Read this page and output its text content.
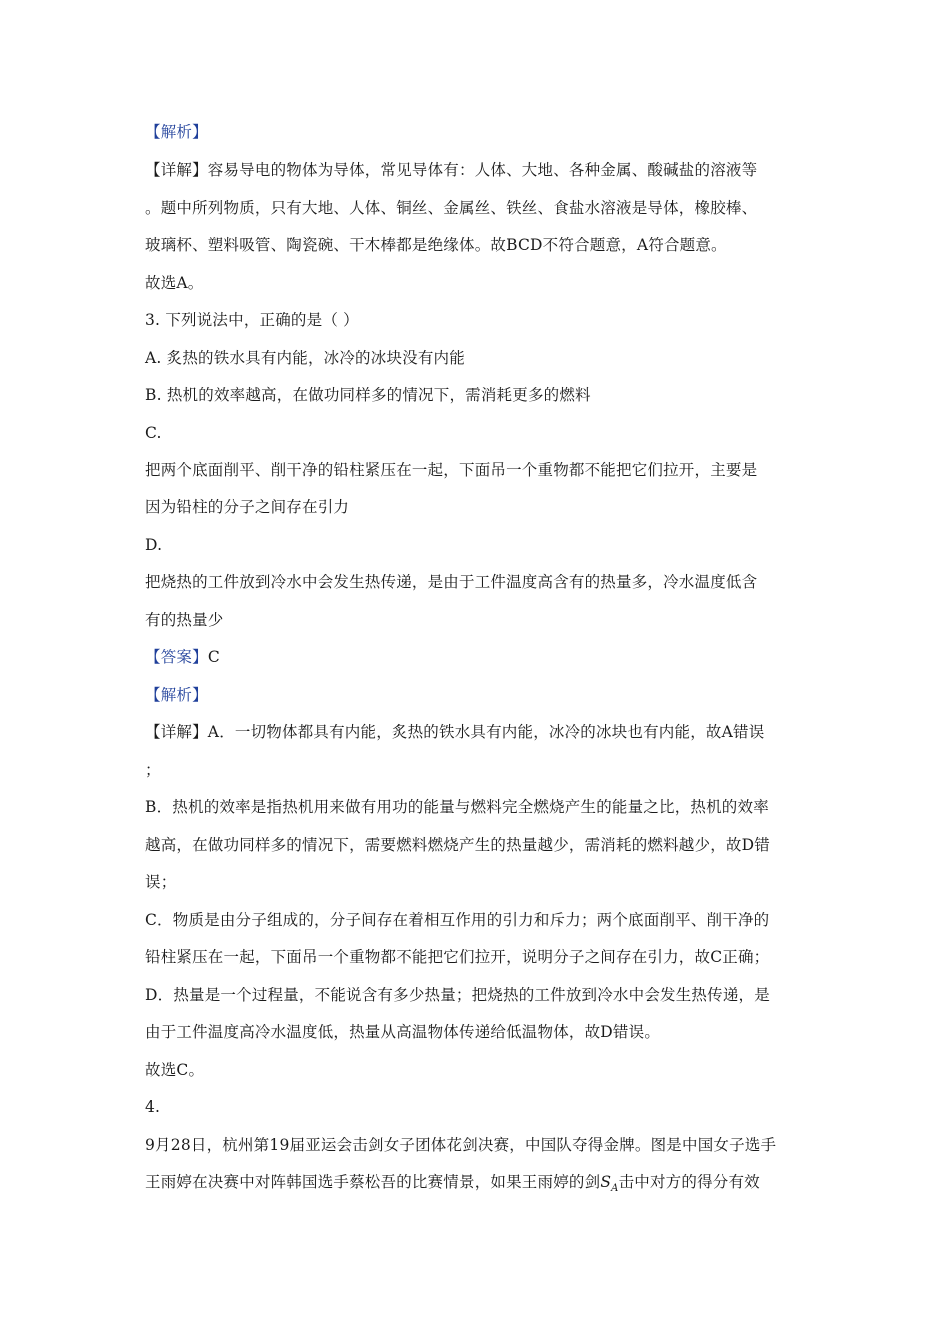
【解析】
【详解】容易导电的物体为导体，常见导体有：人体、大地、各种金属、酸碱盐的溶液等
。题中所列物质，只有大地、人体、铜丝、金属丝、铁丝、食盐水溶液是导体，橡胶棒、
玻璃杯、塑料吸管、陶瓷碗、干木棒都是绝缘体。故BCD不符合题意，A符合题意。
故选A。
3. 下列说法中，正确的是（ ）
A. 炙热的铁水具有内能，冰冷的冰块没有内能
B. 热机的效率越高，在做功同样多的情况下，需消耗更多的燃料
C.
把两个底面削平、削干净的铅柱紧压在一起，下面吊一个重物都不能把它们拉开，主要是
因为铅柱的分子之间存在引力
D.
把烧热的工件放到冷水中会发生热传递，是由于工件温度高含有的热量多，冷水温度低含
有的热量少
【答案】C
【解析】
【详解】A．一切物体都具有内能，炙热的铁水具有内能，冰冷的冰块也有内能，故A错误
；
B．热机的效率是指热机用来做有用功的能量与燃料完全燃烧产生的能量之比，热机的效率
越高，在做功同样多的情况下，需要燃料燃烧产生的热量越少，需消耗的燃料越少，故D错
误；
C．物质是由分子组成的，分子间存在着相互作用的引力和斥力；两个底面削平、削干净的
铅柱紧压在一起，下面吊一个重物都不能把它们拉开，说明分子之间存在引力，故C正确；
D．热量是一个过程量，不能说含有多少热量；把烧热的工件放到冷水中会发生热传递，是
由于工件温度高冷水温度低，热量从高温物体传递给低温物体，故D错误。
故选C。
4.
9月28日，杭州第19届亚运会击剑女子团体花剑决赛，中国队夺得金牌。图是中国女子选手
王雨婷在决赛中对阵韩国选手蔡松吾的比赛情景，如果王雨婷的剑$S_A$击中对方的得分有效
